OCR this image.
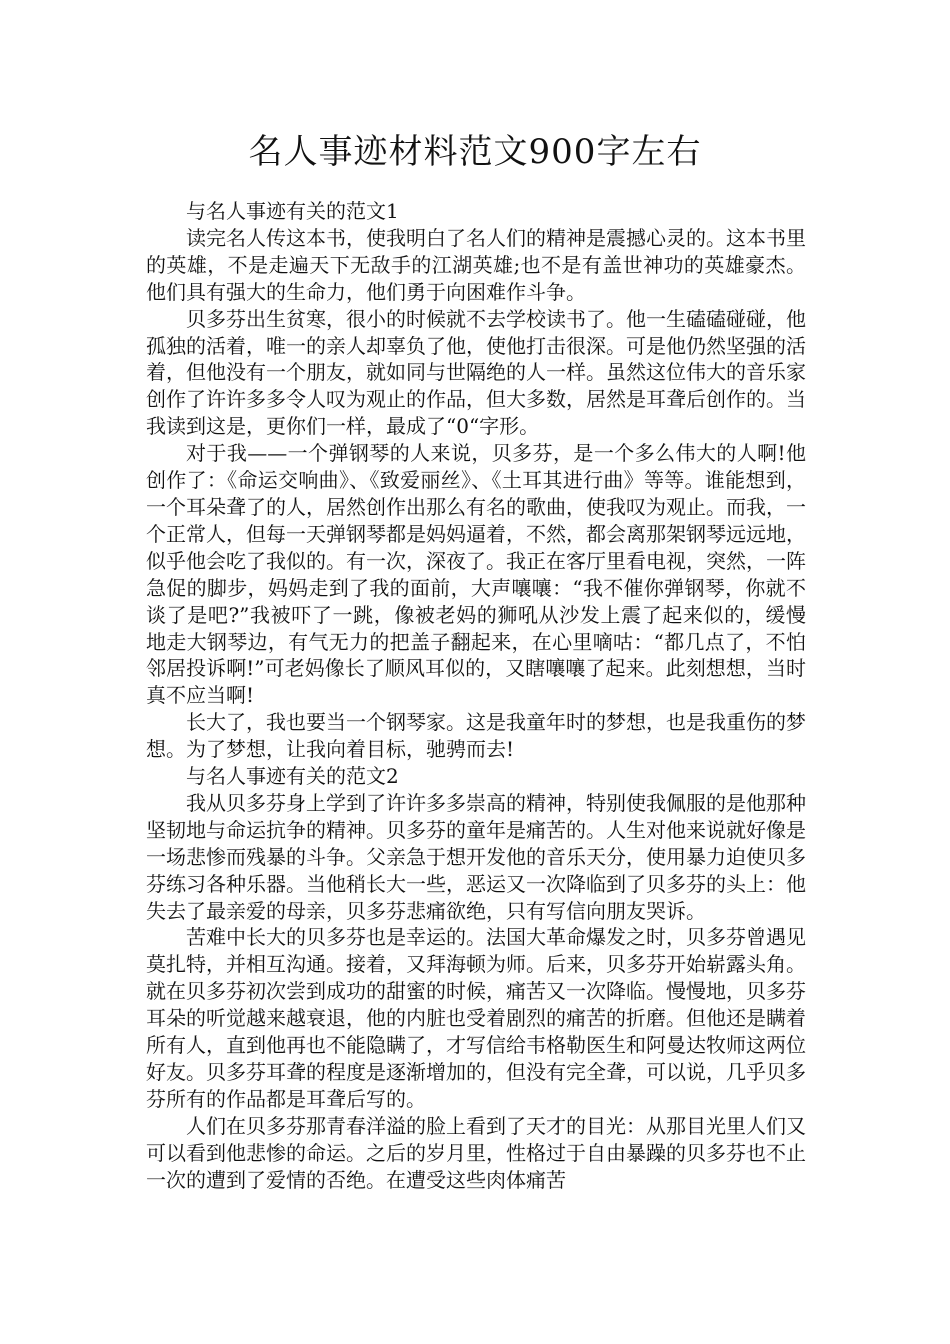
名人事迹材料范文900字左右

与名人事迹有关的范文1

读完名人传这本书，使我明白了名人们的精神是震撼心灵的。这本书里的英雄，不是走遍天下无敌手的江湖英雄;也不是有盖世神功的英雄豪杰。他们具有强大的生命力，他们勇于向困难作斗争。

贝多芬出生贫寒，很小的时候就不去学校读书了。他一生磕磕碰碰，他孤独的活着，唯一的亲人却辜负了他，使他打击很深。可是他仍然坚强的活着，但他没有一个朋友，就如同与世隔绝的人一样。虽然这位伟大的音乐家创作了许许多多令人叹为观止的作品，但大多数，居然是耳聋后创作的。当我读到这是，更你们一样，最成了“0“字形。

对于我——一个弹钢琴的人来说，贝多芬，是一个多么伟大的人啊!他创作了：《命运交响曲》、《致爱丽丝》、《土耳其进行曲》等等。谁能想到，一个耳朵聋了的人，居然创作出那么有名的歌曲，使我叹为观止。而我，一个正常人，但每一天弹钢琴都是妈妈逼着，不然，都会离那架钢琴远远地，似乎他会吃了我似的。有一次，深夜了。我正在客厅里看电视，突然，一阵急促的脚步，妈妈走到了我的面前，大声嚷嚷：“我不催你弹钢琴，你就不谈了是吧?”我被吓了一跳，像被老妈的狮吼从沙发上震了起来似的，缓慢地走大钢琴边，有气无力的把盖子翻起来，在心里嘀咕：“都几点了，不怕邻居投诉啊!”可老妈像长了顺风耳似的，又瞎嚷嚷了起来。此刻想想，当时真不应当啊!

长大了，我也要当一个钢琴家。这是我童年时的梦想，也是我重伤的梦想。为了梦想，让我向着目标，驰骋而去!

与名人事迹有关的范文2

我从贝多芬身上学到了许许多多崇高的精神，特别使我佩服的是他那种坚韧地与命运抗争的精神。贝多芬的童年是痛苦的。人生对他来说就好像是一场悲惨而残暴的斗争。父亲急于想开发他的音乐天分，使用暴力迫使贝多芬练习各种乐器。当他稍长大一些，恶运又一次降临到了贝多芬的头上：他失去了最亲爱的母亲，贝多芬悲痛欲绝，只有写信向朋友哭诉。

苦难中长大的贝多芬也是幸运的。法国大革命爆发之时，贝多芬曾遇见莫扎特，并相互沟通。接着，又拜海顿为师。后来，贝多芬开始崭露头角。就在贝多芬初次尝到成功的甜蜜的时候，痛苦又一次降临。慢慢地，贝多芬耳朵的听觉越来越衰退，他的内脏也受着剧烈的痛苦的折磨。但他还是瞒着所有人，直到他再也不能隐瞒了，才写信给韦格勒医生和阿曼达牧师这两位好友。贝多芬耳聋的程度是逐渐增加的，但没有完全聋，可以说，几乎贝多芬所有的作品都是耳聋后写的。

人们在贝多芬那青春洋溢的脸上看到了天才的目光：从那目光里人们又可以看到他悲惨的命运。之后的岁月里，性格过于自由暴躁的贝多芬也不止一次的遭到了爱情的否绝。在遭受这些肉体痛苦
